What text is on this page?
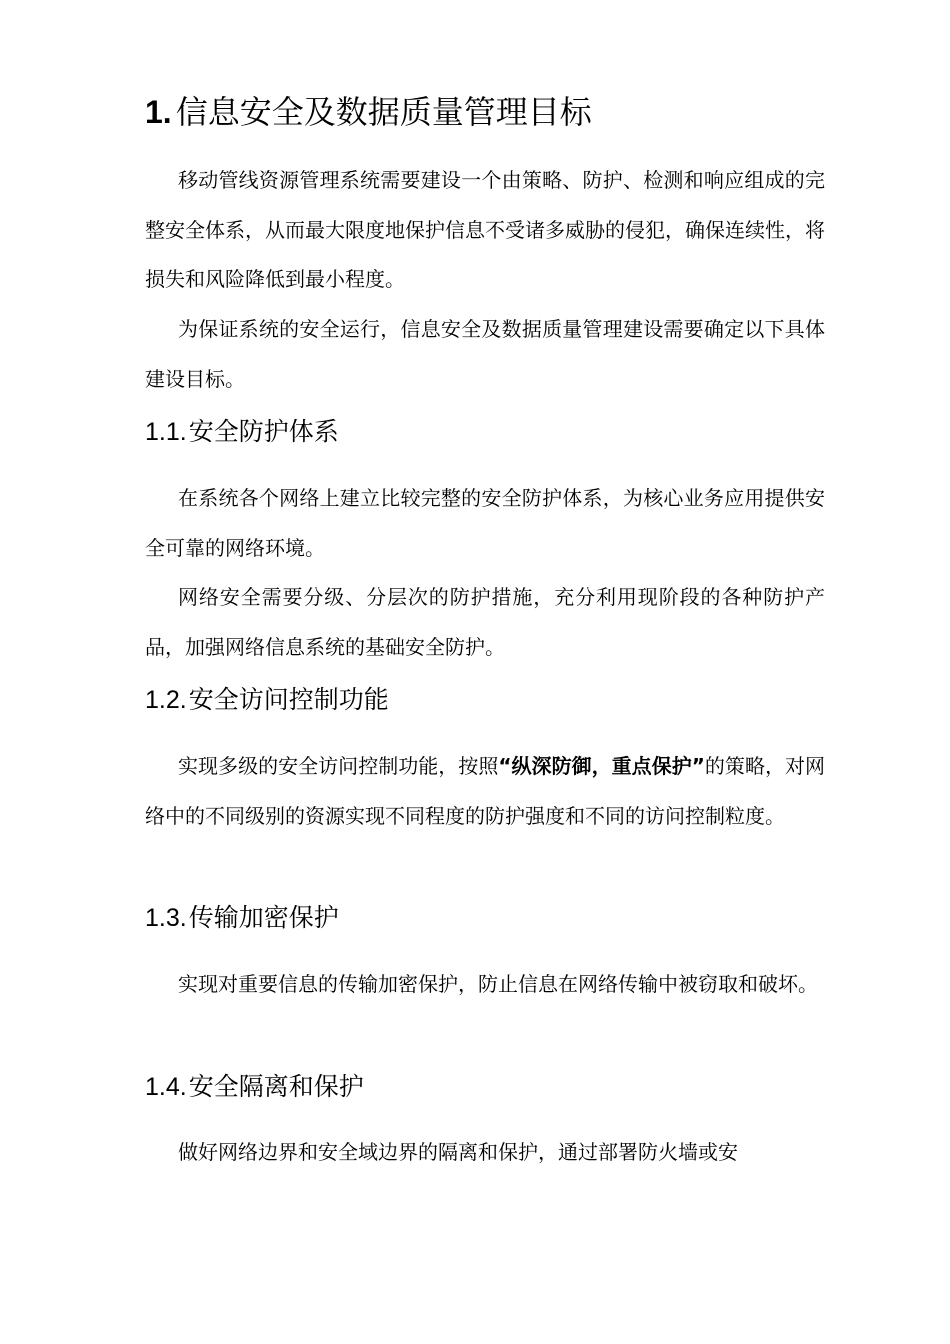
1. 信息安全及数据质量管理目标

移动管线资源管理系统需要建设一个由策略、防护、检测和响应组成的完整安全体系，从而最大限度地保护信息不受诸多威胁的侵犯，确保连续性，将损失和风险降低到最小程度。

为保证系统的安全运行，信息安全及数据质量管理建设需要确定以下具体建设目标。

1.1.安全防护体系

在系统各个网络上建立比较完整的安全防护体系，为核心业务应用提供安全可靠的网络环境。

网络安全需要分级、分层次的防护措施，充分利用现阶段的各种防护产品，加强网络信息系统的基础安全防护。

1.2.安全访问控制功能

实现多级的安全访问控制功能，按照“纵深防御，重点保护”的策略，对网络中的不同级别的资源实现不同程度的防护强度和不同的访问控制粒度。

1.3.传输加密保护

实现对重要信息的传输加密保护，防止信息在网络传输中被窃取和破坏。

1.4.安全隔离和保护

做好网络边界和安全域边界的隔离和保护，通过部署防火墙或安
